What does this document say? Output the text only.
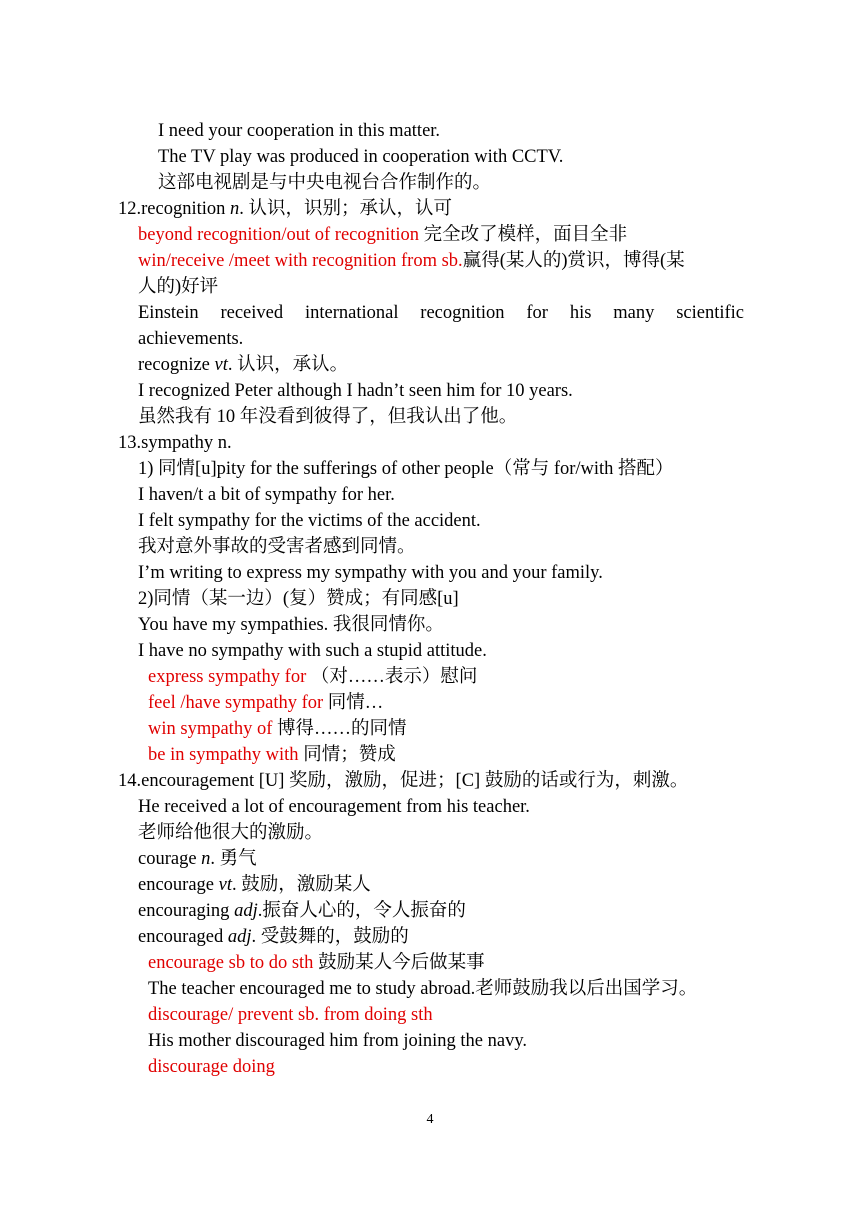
4
I need your cooperation in this matter.
The TV play was produced in cooperation with CCTV.
这部电视剧是与中央电视台合作制作的。
12.recognition n. 认识，识别；承认，认可
beyond recognition/out of recognition 完全改了模样，面目全非
win/receive /meet with recognition from sb.赢得(某人的)赏识，博得(某
人的)好评
Einstein received international recognition for his many scientific
achievements.
recognize vt. 认识，承认。
I recognized Peter although I hadn’t seen him for 10 years.
虽然我有 10 年没看到彼得了，但我认出了他。
13.sympathy n.
1) 同情[u]pity for the sufferings of other people（常与 for/with 搭配）
I haven/t a bit of sympathy for her.
I felt sympathy for the victims of the accident.
我对意外事故的受害者感到同情。
I’m writing to express my sympathy with you and your family.
2)同情（某一边）(复）赞成；有同感[u]
You have my sympathies. 我很同情你。
I have no sympathy with such a stupid attitude.
express sympathy for （对……表示）慰问
feel /have sympathy for 同情…
win sympathy of 博得……的同情
be in sympathy with 同情；赞成
14.encouragement [U] 奖励，激励，促进；[C] 鼓励的话或行为，刺激。
He received a lot of encouragement from his teacher.
老师给他很大的激励。
courage n. 勇气
encourage vt. 鼓励，激励某人
encouraging adj.振奋人心的，令人振奋的
encouraged adj. 受鼓舞的，鼓励的
encourage sb to do sth 鼓励某人今后做某事
The teacher encouraged me to study abroad.老师鼓励我以后出国学习。
discourage/ prevent sb. from doing sth
His mother discouraged him from joining the navy.
discourage doing
